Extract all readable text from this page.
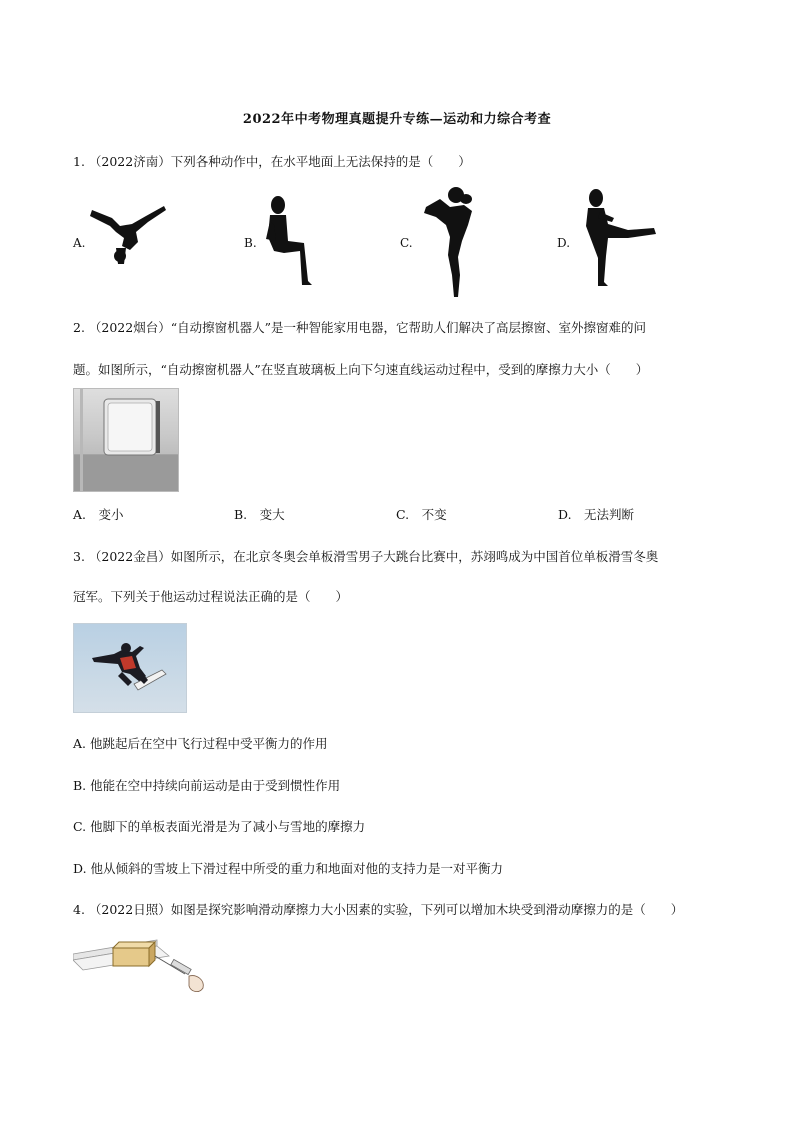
2022年中考物理真题提升专练—运动和力综合考查
1. （2022济南）下列各种动作中，在水平地面上无法保持的是（　　）
A.	B.	C.	D.
2. （2022烟台）“自动擦窗机器人”是一种智能家用电器，它帮助人们解决了高层擦窗、室外擦窗难的问
题。如图所示，“自动擦窗机器人”在竖直玻璃板上向下匀速直线运动过程中，受到的摩擦力大小（　　）
A.　变小	B.　变大	C.　不变	D.　无法判断
3. （2022金昌）如图所示，在北京冬奥会单板滑雪男子大跳台比赛中，苏翊鸣成为中国首位单板滑雪冬奥
冠军。下列关于他运动过程说法正确的是（　　）
A. 他跳起后在空中飞行过程中受平衡力的作用
B. 他能在空中持续向前运动是由于受到惯性作用
C. 他脚下的单板表面光滑是为了减小与雪地的摩擦力
D. 他从倾斜的雪坡上下滑过程中所受的重力和地面对他的支持力是一对平衡力
4. （2022日照）如图是探究影响滑动摩擦力大小因素的实验，下列可以增加木块受到滑动摩擦力的是（　　）
